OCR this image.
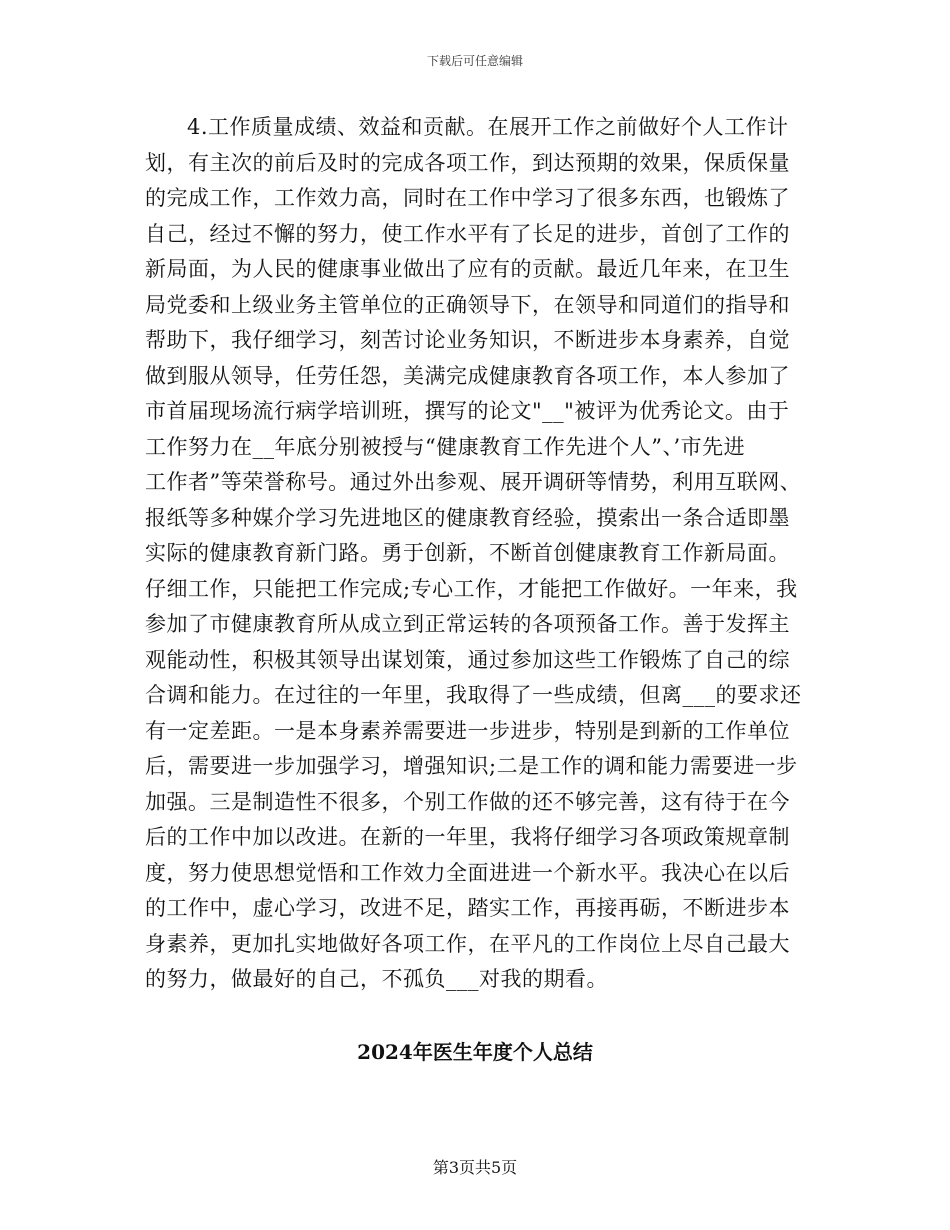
下载后可任意编辑
4.工作质量成绩、效益和贡献。在展开工作之前做好个人工作计
划，有主次的前后及时的完成各项工作，到达预期的效果，保质保量
的完成工作，工作效力高，同时在工作中学习了很多东西，也锻炼了
自己，经过不懈的努力，使工作水平有了长足的进步，首创了工作的
新局面，为人民的健康事业做出了应有的贡献。最近几年来，在卫生
局党委和上级业务主管单位的正确领导下，在领导和同道们的指导和
帮助下，我仔细学习，刻苦讨论业务知识，不断进步本身素养，自觉
做到服从领导，任劳任怨，美满完成健康教育各项工作，本人参加了
市首届现场流行病学培训班，撰写的论文"__"被评为优秀论文。由于
工作努力在__年底分别被授与“健康教育工作先进个人”、’市先进
工作者”等荣誉称号。通过外出参观、展开调研等情势，利用互联网、
报纸等多种媒介学习先进地区的健康教育经验，摸索出一条合适即墨
实际的健康教育新门路。勇于创新，不断首创健康教育工作新局面。
仔细工作，只能把工作完成;专心工作，才能把工作做好。一年来，我
参加了市健康教育所从成立到正常运转的各项预备工作。善于发挥主
观能动性，积极其领导出谋划策，通过参加这些工作锻炼了自己的综
合调和能力。在过往的一年里，我取得了一些成绩，但离___的要求还
有一定差距。一是本身素养需要进一步进步，特别是到新的工作单位
后，需要进一步加强学习，增强知识;二是工作的调和能力需要进一步
加强。三是制造性不很多，个别工作做的还不够完善，这有待于在今
后的工作中加以改进。在新的一年里，我将仔细学习各项政策规章制
度，努力使思想觉悟和工作效力全面进进一个新水平。我决心在以后
的工作中，虚心学习，改进不足，踏实工作，再接再砺，不断进步本
身素养，更加扎实地做好各项工作，在平凡的工作岗位上尽自己最大
的努力，做最好的自己，不孤负___对我的期看。
2024年医生年度个人总结
第3页共5页
